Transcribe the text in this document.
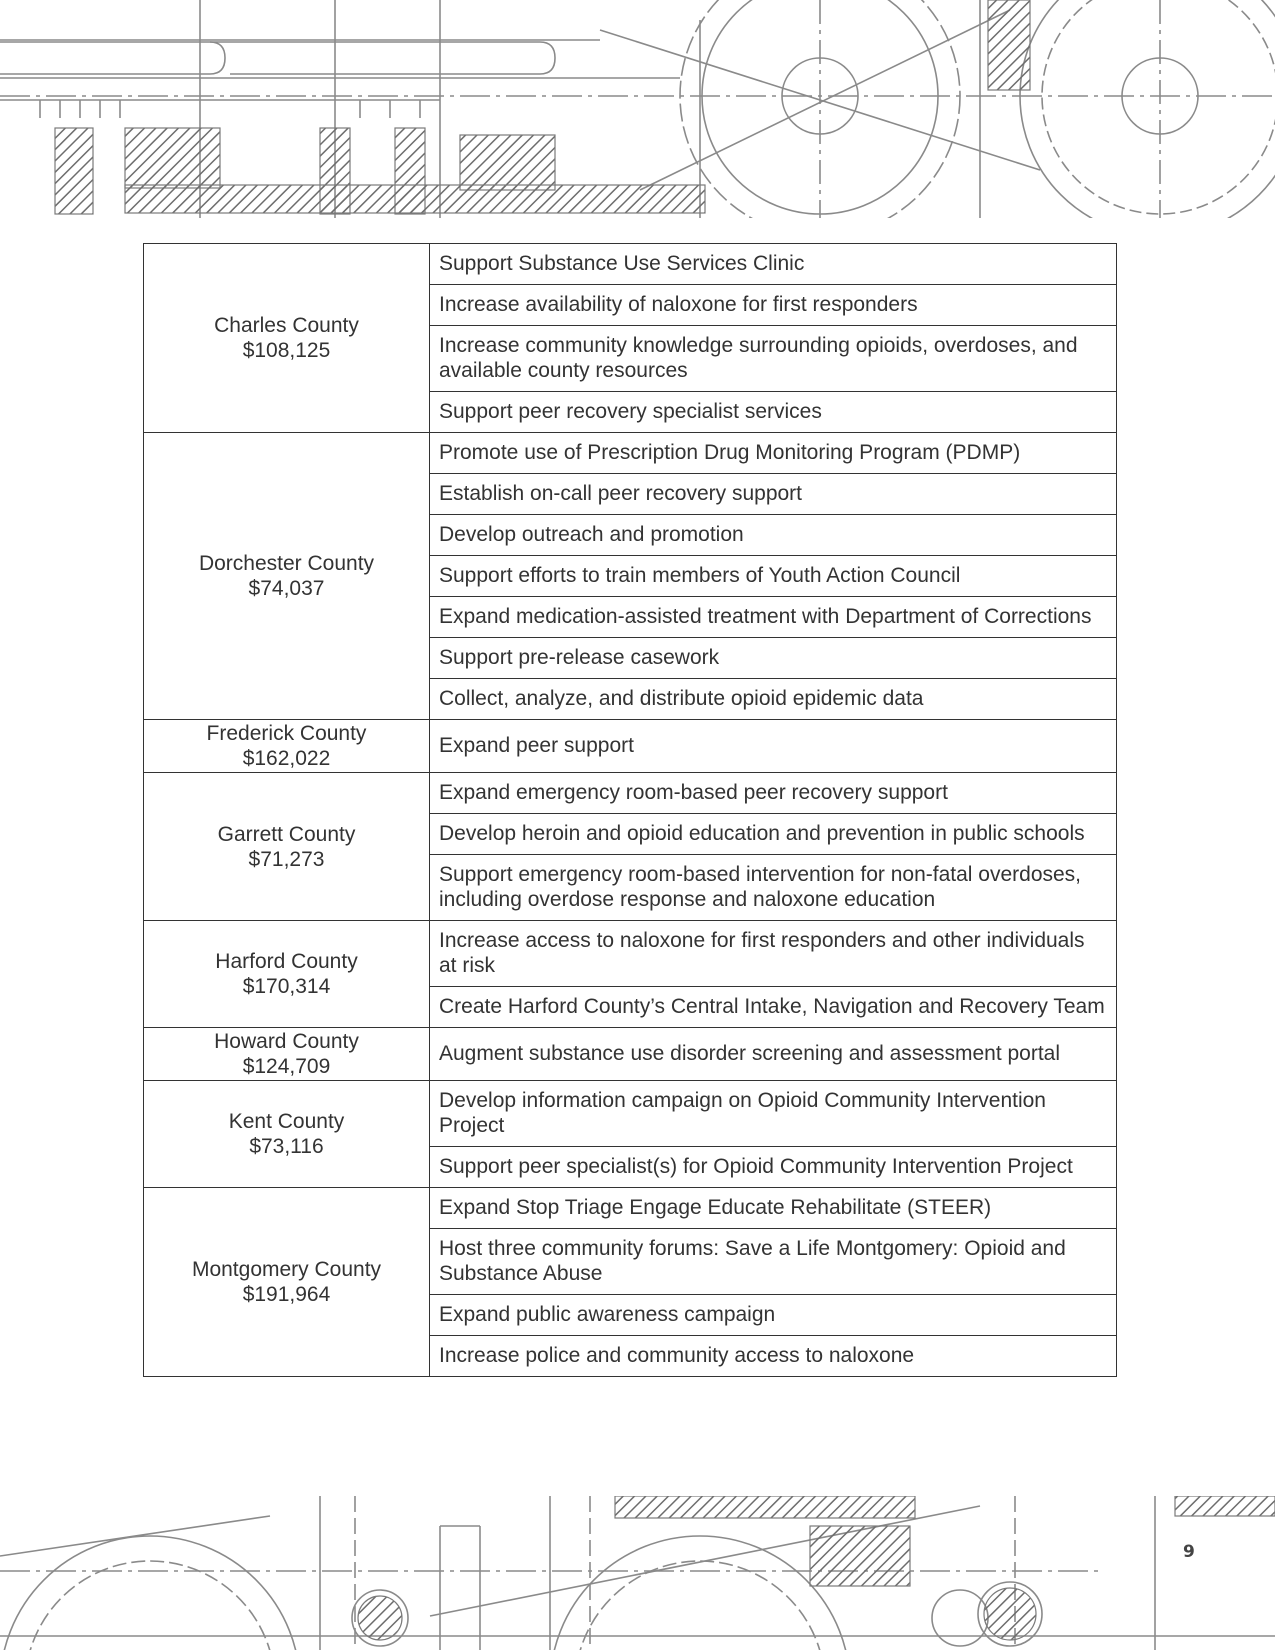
Charles County
$108,125	Support Substance Use Services Clinic
	Increase availability of naloxone for first responders
	Increase community knowledge surrounding opioids, overdoses, and available county resources
	Support peer recovery specialist services

Dorchester County
$74,037	Promote use of Prescription Drug Monitoring Program (PDMP)
	Establish on-call peer recovery support
	Develop outreach and promotion
	Support efforts to train members of Youth Action Council
	Expand medication-assisted treatment with Department of Corrections
	Support pre-release casework
	Collect, analyze, and distribute opioid epidemic data

Frederick County
$162,022	Expand peer support

Garrett County
$71,273	Expand emergency room-based peer recovery support
	Develop heroin and opioid education and prevention in public schools
	Support emergency room-based intervention for non-fatal overdoses, including overdose response and naloxone education

Harford County
$170,314	Increase access to naloxone for first responders and other individuals at risk
	Create Harford County’s Central Intake, Navigation and Recovery Team

Howard County
$124,709	Augment substance use disorder screening and assessment portal

Kent County
$73,116	Develop information campaign on Opioid Community Intervention Project
	Support peer specialist(s) for Opioid Community Intervention Project

Montgomery County
$191,964	Expand Stop Triage Engage Educate Rehabilitate (STEER)
	Host three community forums: Save a Life Montgomery: Opioid and Substance Abuse
	Expand public awareness campaign
	Increase police and community access to naloxone
9
